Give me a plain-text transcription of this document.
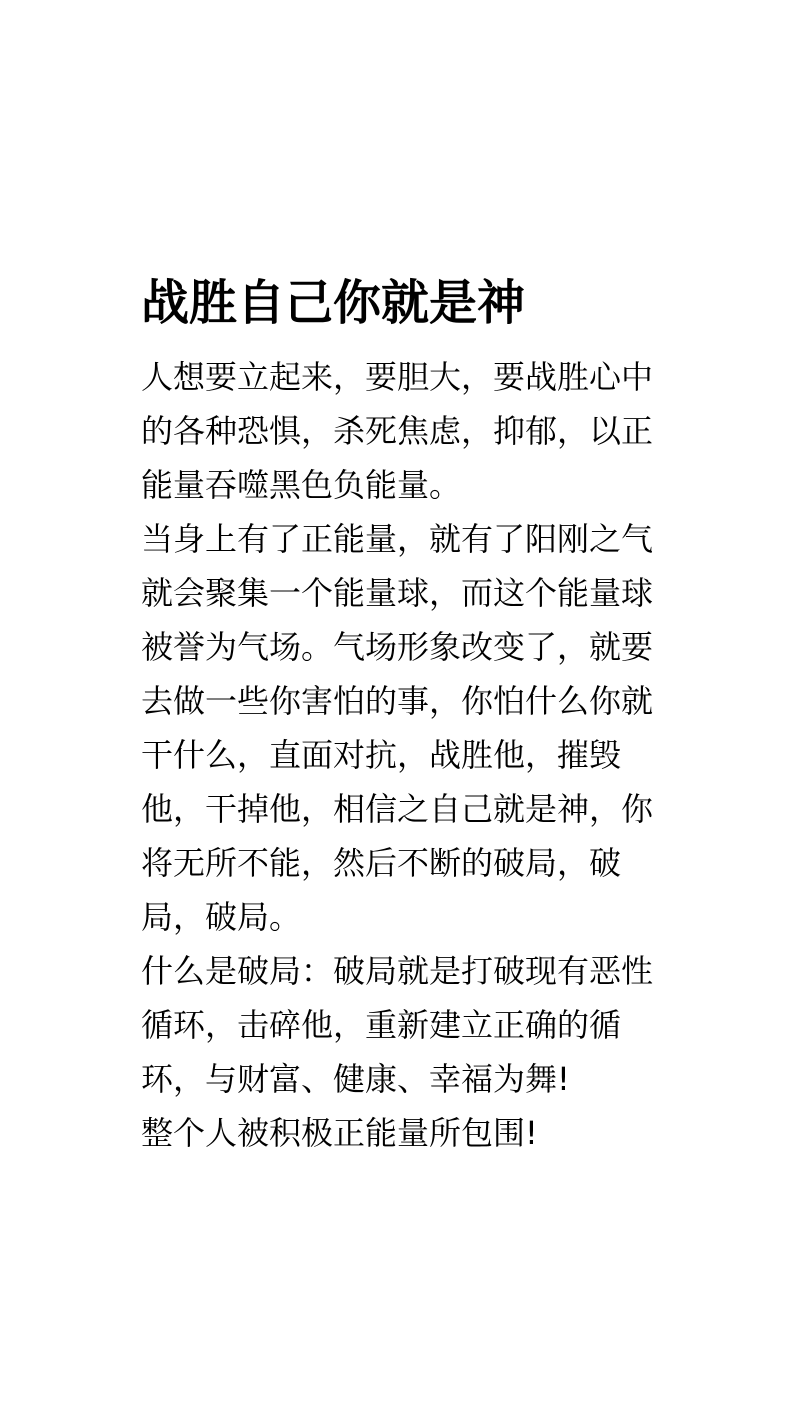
战胜自己你就是神

人想要立起来，要胆大，要战胜心中
的各种恐惧，杀死焦虑，抑郁，以正
能量吞噬黑色负能量。

当身上有了正能量，就有了阳刚之气
就会聚集一个能量球，而这个能量球
被誉为气场。气场形象改变了，就要
去做一些你害怕的事，你怕什么你就
干什么，直面对抗，战胜他，摧毁
他，干掉他，相信之自己就是神，你
将无所不能，然后不断的破局，破
局，破局。

什么是破局：破局就是打破现有恶性
循环，击碎他，重新建立正确的循
环，与财富、健康、幸福为舞!

整个人被积极正能量所包围!
